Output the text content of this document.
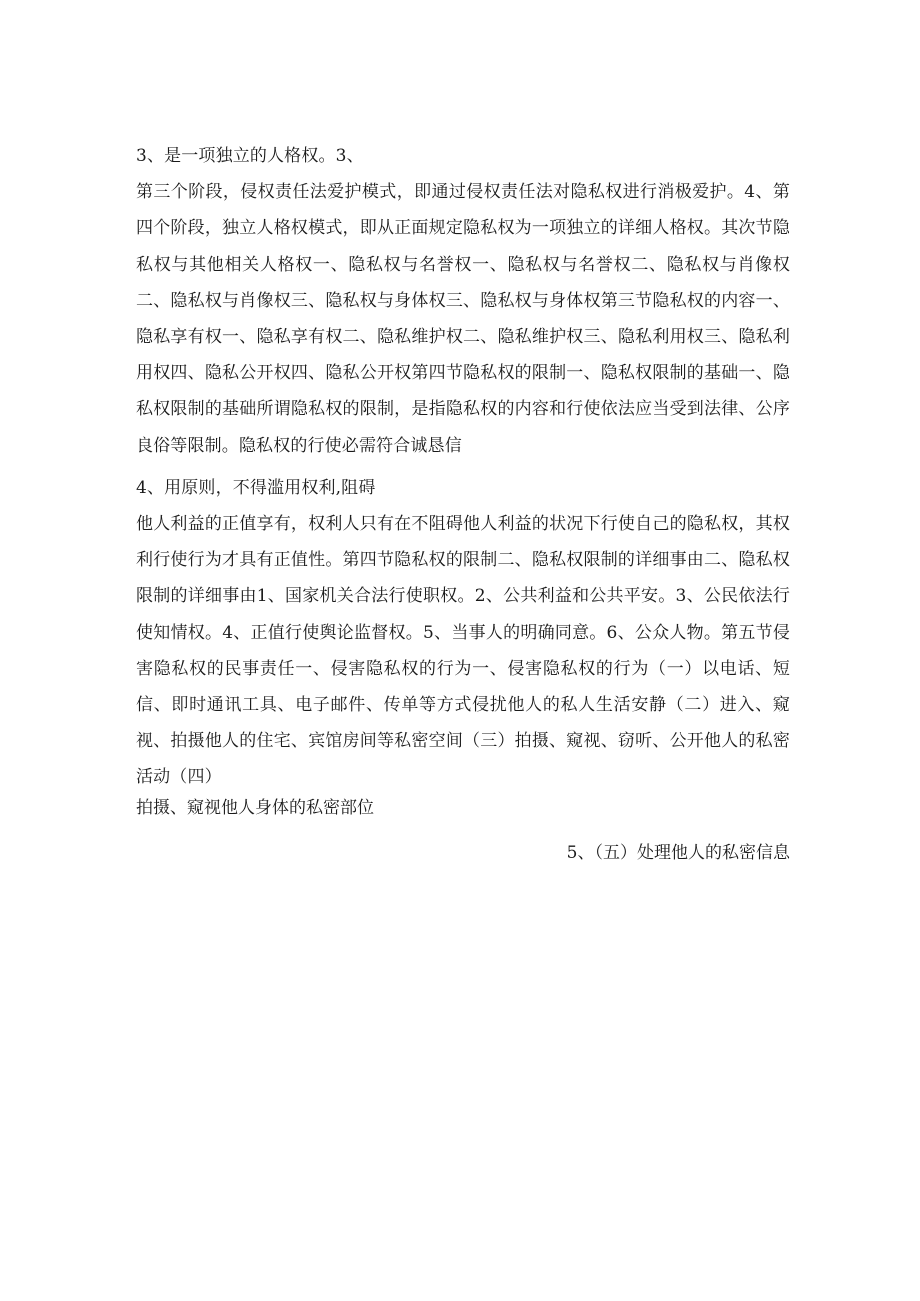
3、是一项独立的人格权。3、
第三个阶段，侵权责任法爱护模式，即通过侵权责任法对隐私权进行消极爱护。4、第四个阶段，独立人格权模式，即从正面规定隐私权为一项独立的详细人格权。其次节隐私权与其他相关人格权一、隐私权与名誉权一、隐私权与名誉权二、隐私权与肖像权二、隐私权与肖像权三、隐私权与身体权三、隐私权与身体权第三节隐私权的内容一、隐私享有权一、隐私享有权二、隐私维护权二、隐私维护权三、隐私利用权三、隐私利用权四、隐私公开权四、隐私公开权第四节隐私权的限制一、隐私权限制的基础一、隐私权限制的基础所谓隐私权的限制，是指隐私权的内容和行使依法应当受到法律、公序良俗等限制。隐私权的行使必需符合诚恳信

4、用原则，不得滥用权利,阻碍
他人利益的正值享有，权利人只有在不阻碍他人利益的状况下行使自己的隐私权，其权利行使行为才具有正值性。第四节隐私权的限制二、隐私权限制的详细事由二、隐私权限制的详细事由1、国家机关合法行使职权。2、公共利益和公共平安。3、公民依法行使知情权。4、正值行使舆论监督权。5、当事人的明确同意。6、公众人物。第五节侵害隐私权的民事责任一、侵害隐私权的行为一、侵害隐私权的行为（一）以电话、短信、即时通讯工具、电子邮件、传单等方式侵扰他人的私人生活安静（二）进入、窥视、拍摄他人的住宅、宾馆房间等私密空间（三）拍摄、窥视、窃听、公开他人的私密活动（四）

拍摄、窥视他人身体的私密部位

5、（五）处理他人的私密信息
